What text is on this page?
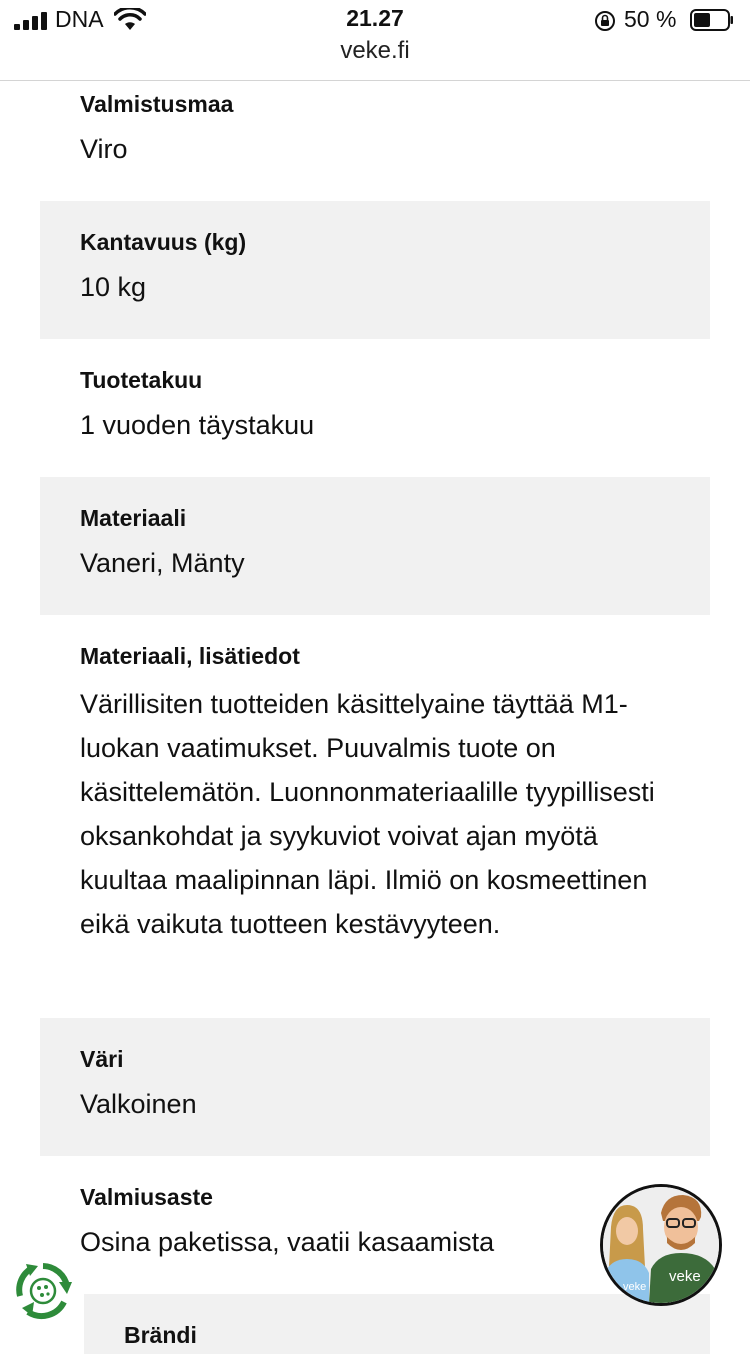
DNA	21.27
veke.fi
50 %
Valmistusmaa
Viro
Kantavuus (kg)
10 kg
Tuotetakuu
1 vuoden täystakuu
Materiaali
Vaneri, Mänty
Materiaali, lisätiedot
Värillisiten tuotteiden käsittelyaine täyttää M1-luokan vaatimukset. Puuvalmis tuote on käsittelemätön. Luonnonmateriaalille tyypillisesti oksankohdat ja syykuviot voivat ajan myötä kuultaa maalipinnan läpi. Ilmiö on kosmeettinen eikä vaikuta tuotteen kestävyyteen.
Väri
Valkoinen
Valmiusaste
Osina paketissa, vaatii kasaamista
Brändi
veke
veke
